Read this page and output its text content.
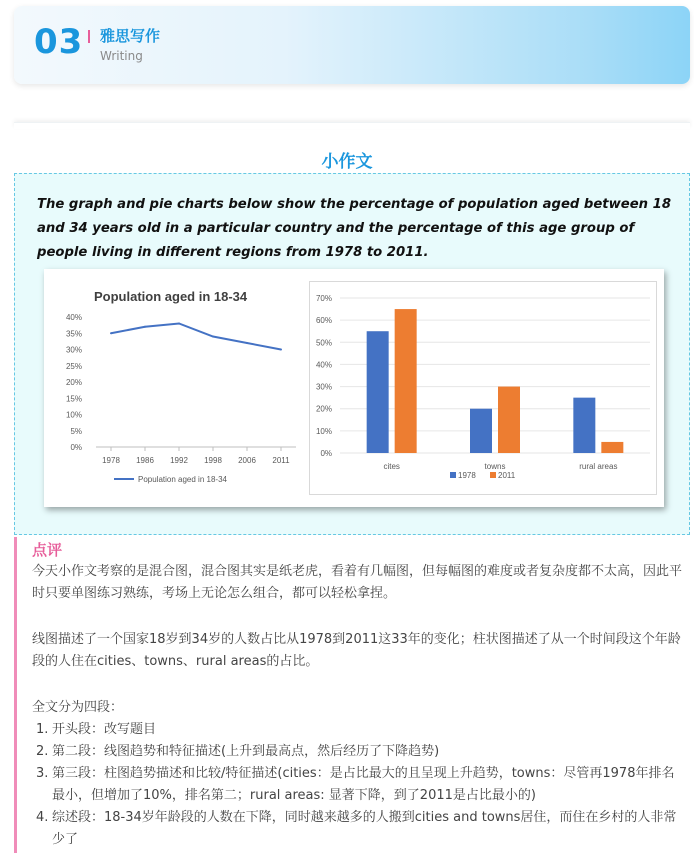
03 雅思写作
Writing
小作文
The graph and pie charts below show the percentage of population aged between 18 and 34 years old in a particular country and the percentage of this age group of people living in different regions from 1978 to 2011.
Population aged in 18-34
0%
5%
10%
15%
20%
25%
30%
35%
40%
1978 1986 1992 1998 2006 2011
Population aged in 18-34
0%
10%
20%
30%
40%
50%
60%
70%
cites	towns	rural areas
1978	2011
点评
今天小作文考察的是混合图，混合图其实是纸老虎，看着有几幅图，但每幅图的难度或者复杂度都不太高，因此平时只要单图练习熟练，考场上无论怎么组合，都可以轻松拿捏。
线图描述了一个国家18岁到34岁的人数占比从1978到2011这33年的变化；柱状图描述了从一个时间段这个年龄段的人住在cities、towns、rural areas的占比。
全文分为四段：
1. 开头段：改写题目
2. 第二段：线图趋势和特征描述(上升到最高点，然后经历了下降趋势)
3. 第三段：柱图趋势描述和比较/特征描述(cities：是占比最大的且呈现上升趋势，towns：尽管再1978年排名最小，但增加了10%，排名第二；rural areas: 显著下降，到了2011是占比最小的)
4. 综述段：18-34岁年龄段的人数在下降，同时越来越多的人搬到cities and towns居住，而住在乡村的人非常少了
